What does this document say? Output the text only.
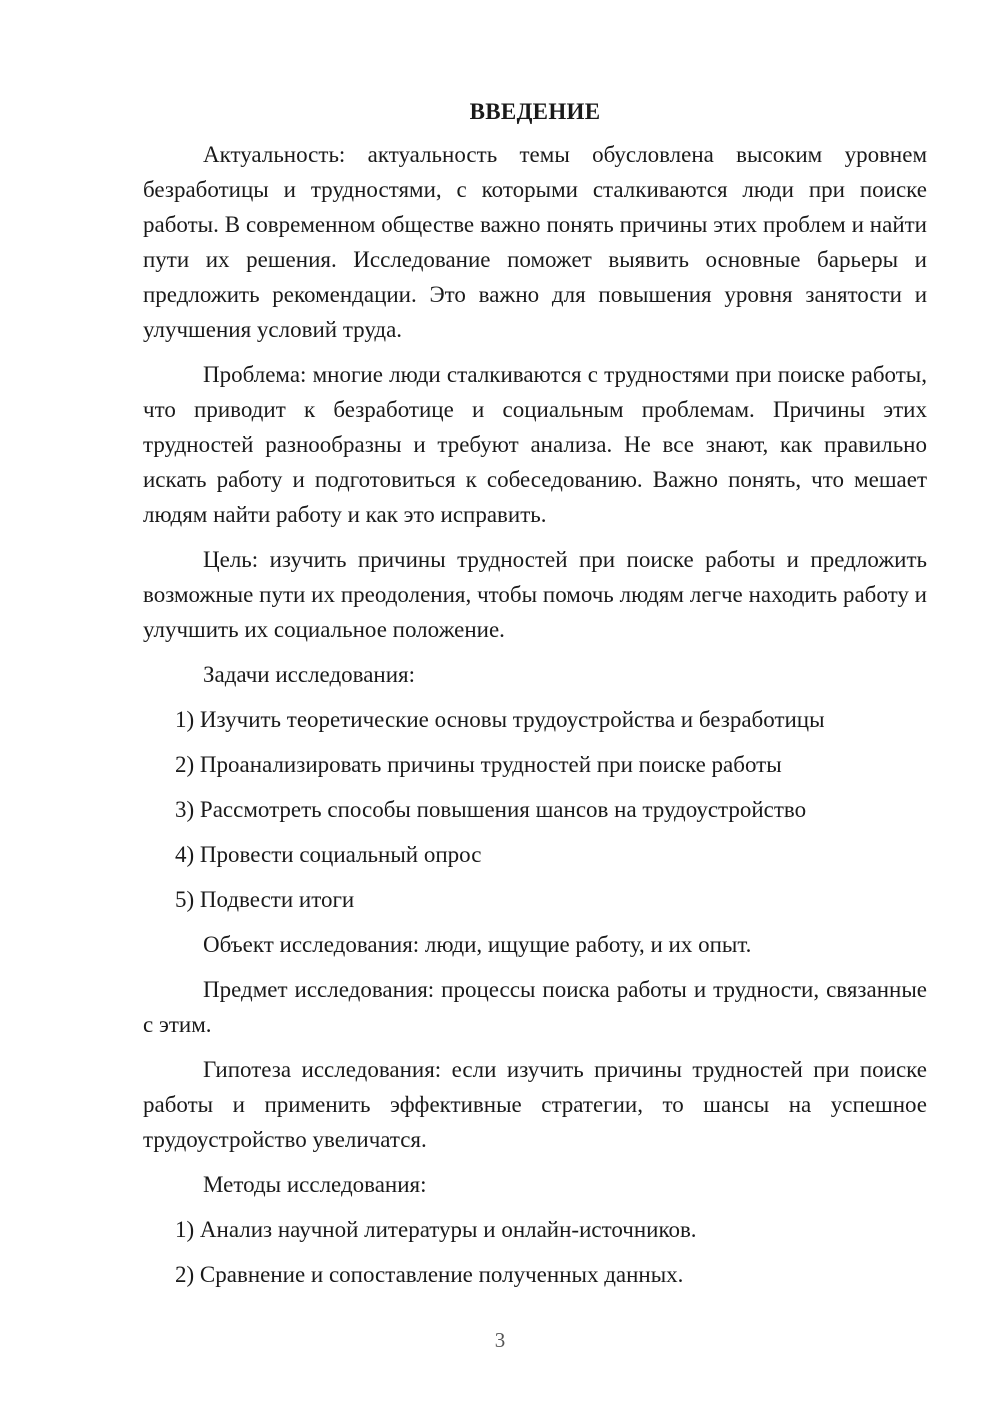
ВВЕДЕНИЕ

Актуальность: актуальность темы обусловлена высоким уровнем безработицы и трудностями, с которыми сталкиваются люди при поиске работы. В современном обществе важно понять причины этих проблем и найти пути их решения. Исследование поможет выявить основные барьеры и предложить рекомендации. Это важно для повышения уровня занятости и улучшения условий труда.

Проблема: многие люди сталкиваются с трудностями при поиске работы, что приводит к безработице и социальным проблемам. Причины этих трудностей разнообразны и требуют анализа. Не все знают, как правильно искать работу и подготовиться к собеседованию. Важно понять, что мешает людям найти работу и как это исправить.

Цель: изучить причины трудностей при поиске работы и предложить возможные пути их преодоления, чтобы помочь людям легче находить работу и улучшить их социальное положение.

Задачи исследования:

1) Изучить теоретические основы трудоустройства и безработицы

2) Проанализировать причины трудностей при поиске работы

3) Рассмотреть способы повышения шансов на трудоустройство

4) Провести социальный опрос

5) Подвести итоги

Объект исследования: люди, ищущие работу, и их опыт.

Предмет исследования: процессы поиска работы и трудности, связанные с этим.

Гипотеза исследования: если изучить причины трудностей при поиске работы и применить эффективные стратегии, то шансы на успешное трудоустройство увеличатся.

Методы исследования:

1) Анализ научной литературы и онлайн-источников.

2) Сравнение и сопоставление полученных данных.

3
